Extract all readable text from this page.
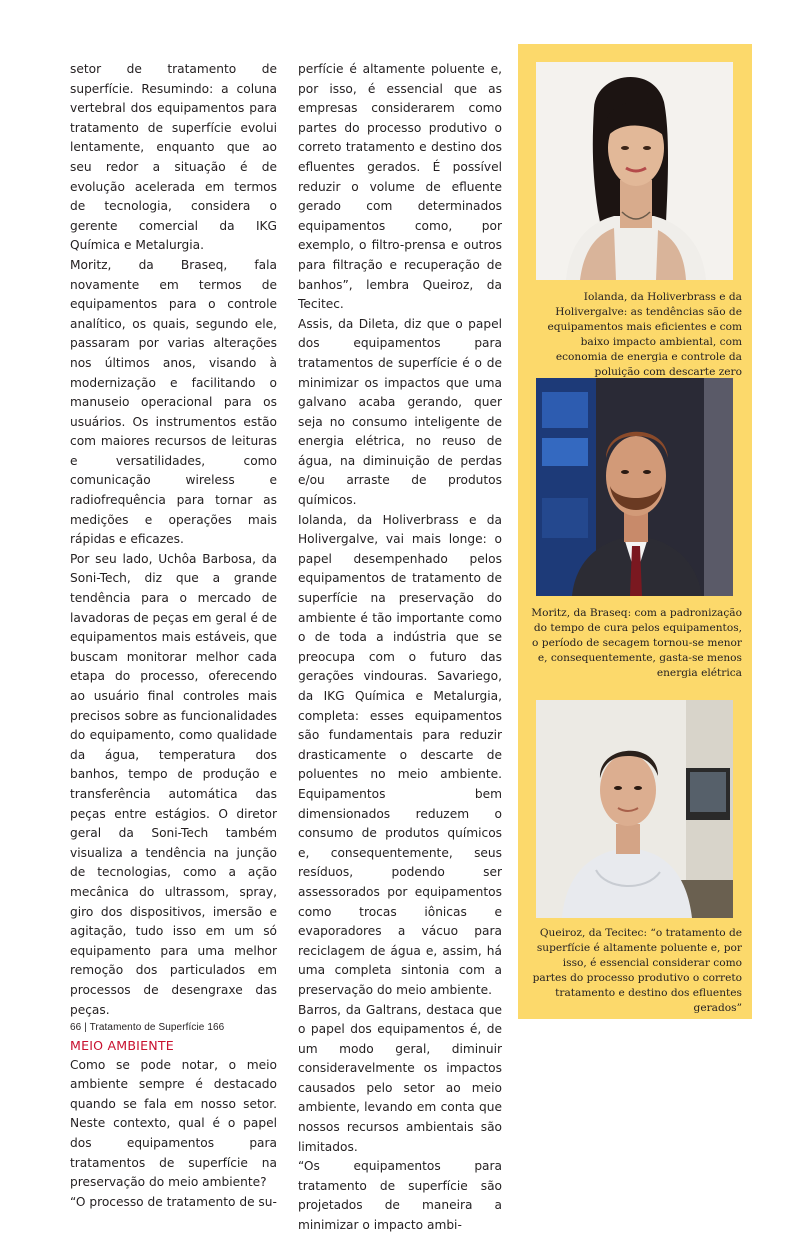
setor de tratamento de superfície. Resumindo: a coluna vertebral dos equipamentos para tratamento de superfície evolui lentamente, enquanto que ao seu redor a situação é de evolução acelerada em termos de tecnologia, considera o gerente comercial da IKG Química e Metalurgia.

Moritz, da Braseq, fala novamente em termos de equipamentos para o controle analítico, os quais, segundo ele, passaram por varias alterações nos últimos anos, visando à modernização e facilitando o manuseio operacional para os usuários. Os instrumentos estão com maiores recursos de leituras e versatilidades, como comunicação wireless e radiofrequência para tornar as medições e operações mais rápidas e eficazes.

Por seu lado, Uchôa Barbosa, da Soni-Tech, diz que a grande tendência para o mercado de lavadoras de peças em geral é de equipamentos mais estáveis, que buscam monitorar melhor cada etapa do processo, oferecendo ao usuário final controles mais precisos sobre as funcionalidades do equipamento, como qualidade da água, temperatura dos banhos, tempo de produção e transferência automática das peças entre estágios. O diretor geral da Soni-Tech também visualiza a tendência na junção de tecnologias, como a ação mecânica do ultrassom, spray, giro dos dispositivos, imersão e agitação, tudo isso em um só equipamento para uma melhor remoção dos particulados em processos de desengraxe das peças.

MEIO AMBIENTE

Como se pode notar, o meio ambiente sempre é destacado quando se fala em nosso setor. Neste contexto, qual é o papel dos equipamentos para tratamentos de superfície na preservação do meio ambiente?

“O processo de tratamento de su-

perfície é altamente poluente e, por isso, é essencial que as empresas considerarem como partes do processo produtivo o correto tratamento e destino dos efluentes gerados. É possível reduzir o volume de efluente gerado com determinados equipamentos como, por exemplo, o filtro-prensa e outros para filtração e recuperação de banhos”, lembra Queiroz, da Tecitec.

Assis, da Dileta, diz que o papel dos equipamentos para tratamentos de superfície é o de minimizar os impactos que uma galvano acaba gerando, quer seja no consumo inteligente de energia elétrica, no reuso de água, na diminuição de perdas e/ou arraste de produtos químicos.

Iolanda, da Holiverbrass e da Holivergalve, vai mais longe: o papel desempenhado pelos equipamentos de tratamento de superfície na preservação do ambiente é tão importante como o de toda a indústria que se preocupa com o futuro das gerações vindouras. Savariego, da IKG Química e Metalurgia, completa: esses equipamentos são fundamentais para reduzir drasticamente o descarte de poluentes no meio ambiente. Equipamentos bem dimensionados reduzem o consumo de produtos químicos e, consequentemente, seus resíduos, podendo ser assessorados por equipamentos como trocas iônicas e evaporadores a vácuo para reciclagem de água e, assim, há uma completa sintonia com a preservação do meio ambiente.

Barros, da Galtrans, destaca que o papel dos equipamentos é, de um modo geral, diminuir consideravelmente os impactos causados pelo setor ao meio ambiente, levando em conta que nossos recursos ambientais são limitados.

“Os equipamentos para tratamento de superfície são projetados de maneira a minimizar o impacto ambi-

Iolanda, da Holiverbrass e da Holivergalve: as tendências são de equipamentos mais eficientes e com baixo impacto ambiental, com economia de energia e controle da poluição com descarte zero
Moritz, da Braseq: com a padronização do tempo de cura pelos equipamentos, o período de secagem tornou-se menor e, consequentemente, gasta-se menos energia elétrica
Queiroz, da Tecitec: “o tratamento de superfície é altamente poluente e, por isso, é essencial considerar como partes do processo produtivo o correto tratamento e destino dos efluentes gerados”
66 | Tratamento de Superfície 166
